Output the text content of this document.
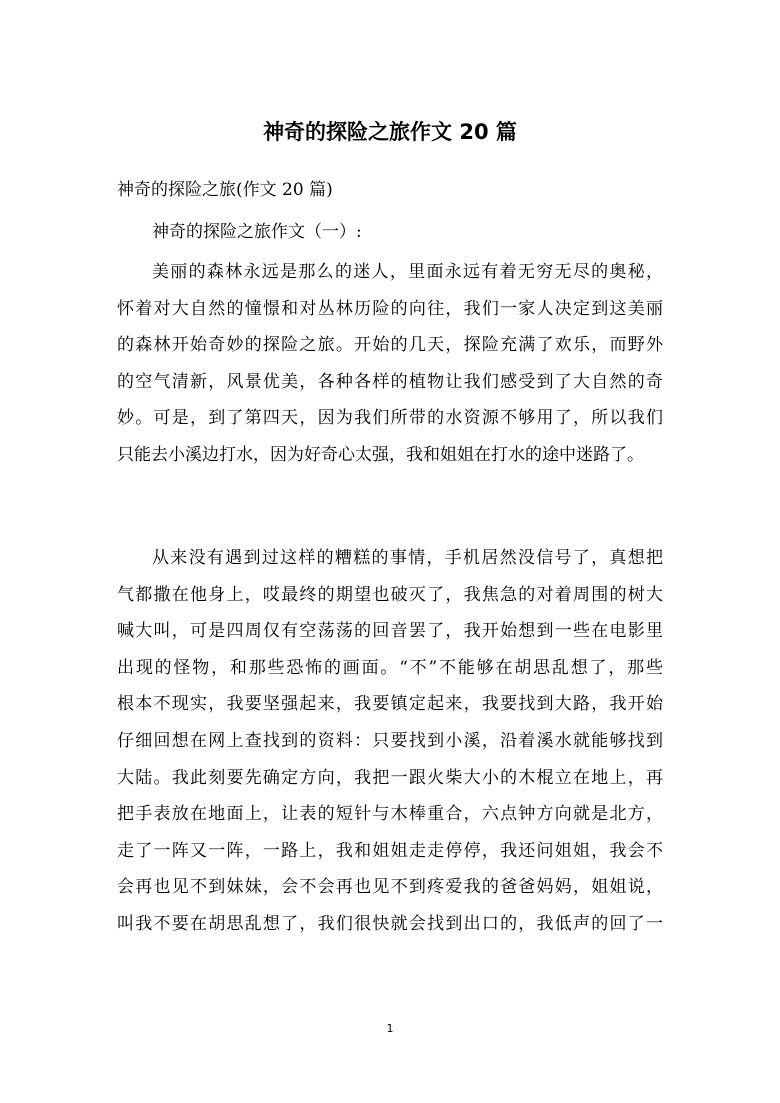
神奇的探险之旅作文 20 篇
神奇的探险之旅(作文 20 篇)
神奇的探险之旅作文（一）:
美丽的森林永远是那么的迷人，里面永远有着无穷无尽的奥秘，
怀着对大自然的憧憬和对丛林历险的向往，我们一家人决定到这美丽
的森林开始奇妙的探险之旅。开始的几天，探险充满了欢乐，而野外
的空气清新，风景优美，各种各样的植物让我们感受到了大自然的奇
妙。可是，到了第四天，因为我们所带的水资源不够用了，所以我们
只能去小溪边打水，因为好奇心太强，我和姐姐在打水的途中迷路了。
从来没有遇到过这样的糟糕的事情，手机居然没信号了，真想把
气都撒在他身上，哎最终的期望也破灭了，我焦急的对着周围的树大
喊大叫，可是四周仅有空荡荡的回音罢了，我开始想到一些在电影里
出现的怪物，和那些恐怖的画面。“不”不能够在胡思乱想了，那些
根本不现实，我要坚强起来，我要镇定起来，我要找到大路，我开始
仔细回想在网上查找到的资料：只要找到小溪，沿着溪水就能够找到
大陆。我此刻要先确定方向，我把一跟火柴大小的木棍立在地上，再
把手表放在地面上，让表的短针与木棒重合，六点钟方向就是北方，
走了一阵又一阵，一路上，我和姐姐走走停停，我还问姐姐，我会不
会再也见不到妹妹，会不会再也见不到疼爱我的爸爸妈妈，姐姐说，
叫我不要在胡思乱想了，我们很快就会找到出口的，我低声的回了一
1
